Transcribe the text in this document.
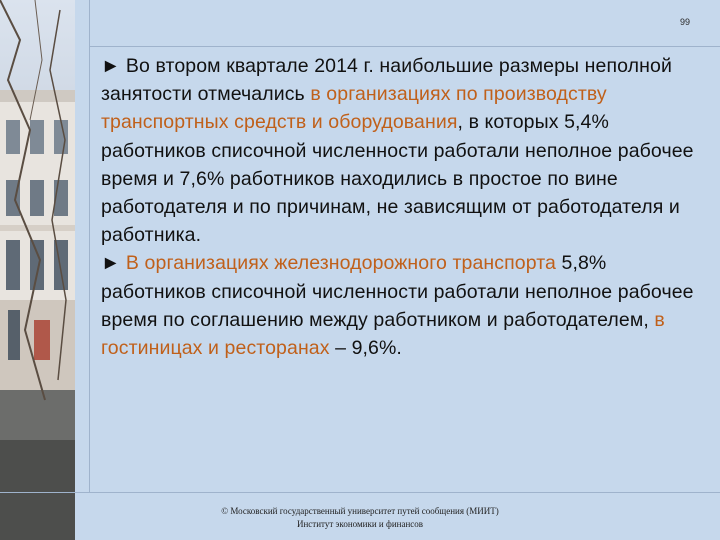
99
► Во втором квартале 2014 г. наибольшие размеры неполной занятости отмечались в организациях по производству транспортных средств и оборудования, в которых 5,4% работников списочной численности работали неполное рабочее время и 7,6% работников находились в простое по вине работодателя и по причинам, не зависящим от работодателя и работника.
► В организациях железнодорожного транспорта 5,8% работников списочной численности работали неполное рабочее время по соглашению между работником и работодателем, в гостиницах и ресторанах – 9,6%.
© Московский государственный университет путей сообщения (МИИТ)
Институт экономики и финансов
